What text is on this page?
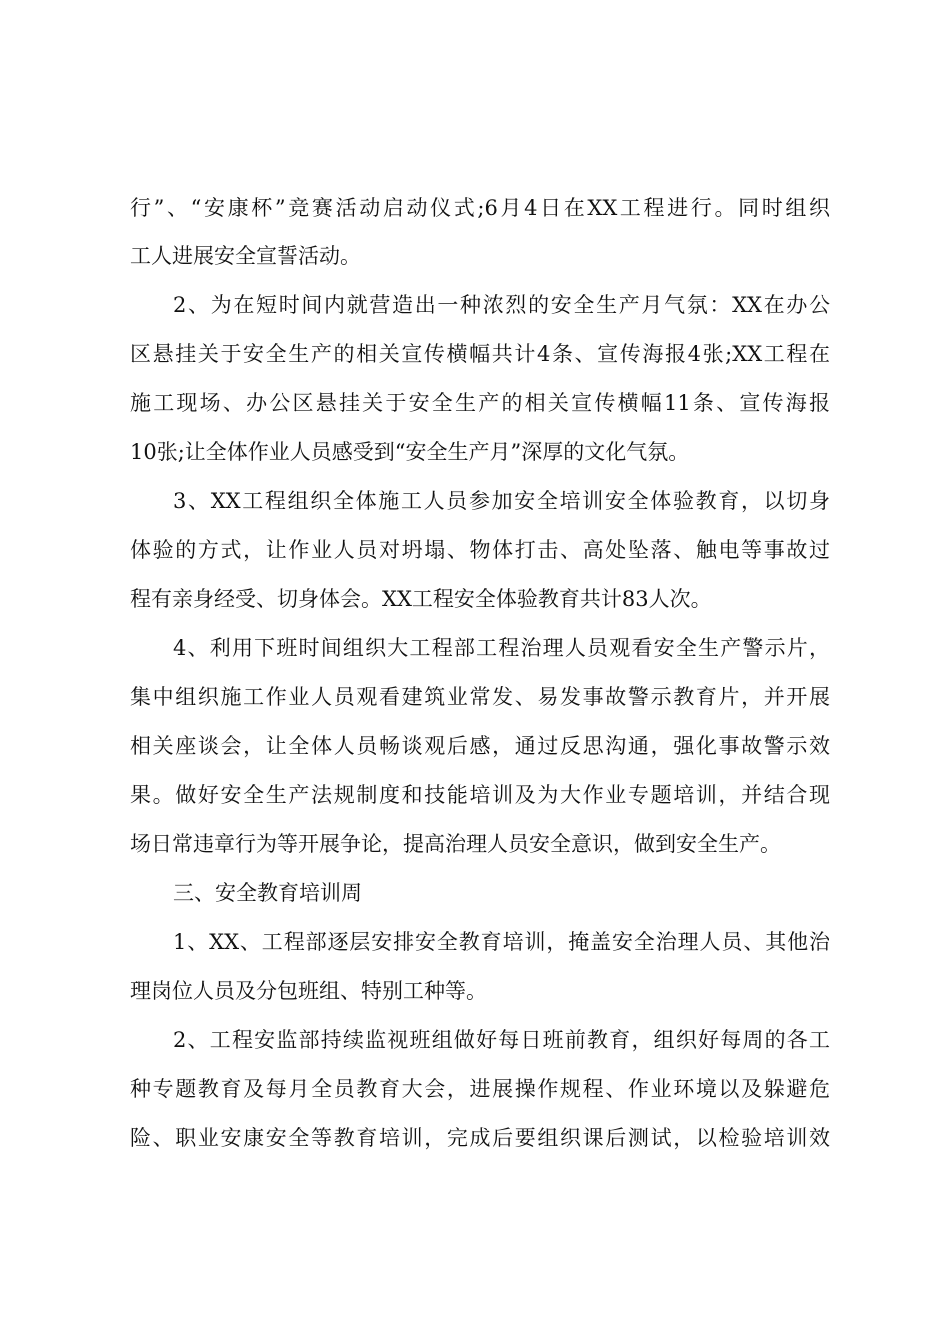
行”、“安康杯”竞赛活动启动仪式;6月4日在XX工程进行。同时组织

工人进展安全宣誓活动。

2、为在短时间内就营造出一种浓烈的安全生产月气氛：XX在办公

区悬挂关于安全生产的相关宣传横幅共计4条、宣传海报4张;XX工程在

施工现场、办公区悬挂关于安全生产的相关宣传横幅11条、宣传海报

10张;让全体作业人员感受到“安全生产月”深厚的文化气氛。

3、XX工程组织全体施工人员参加安全培训安全体验教育，以切身

体验的方式，让作业人员对坍塌、物体打击、高处坠落、触电等事故过

程有亲身经受、切身体会。XX工程安全体验教育共计83人次。

4、利用下班时间组织大工程部工程治理人员观看安全生产警示片，

集中组织施工作业人员观看建筑业常发、易发事故警示教育片，并开展

相关座谈会，让全体人员畅谈观后感，通过反思沟通，强化事故警示效

果。做好安全生产法规制度和技能培训及为大作业专题培训，并结合现

场日常违章行为等开展争论，提高治理人员安全意识，做到安全生产。

三、安全教育培训周

1、XX、工程部逐层安排安全教育培训，掩盖安全治理人员、其他治

理岗位人员及分包班组、特别工种等。

2、工程安监部持续监视班组做好每日班前教育，组织好每周的各工

种专题教育及每月全员教育大会，进展操作规程、作业环境以及躲避危

险、职业安康安全等教育培训，完成后要组织课后测试，以检验培训效
